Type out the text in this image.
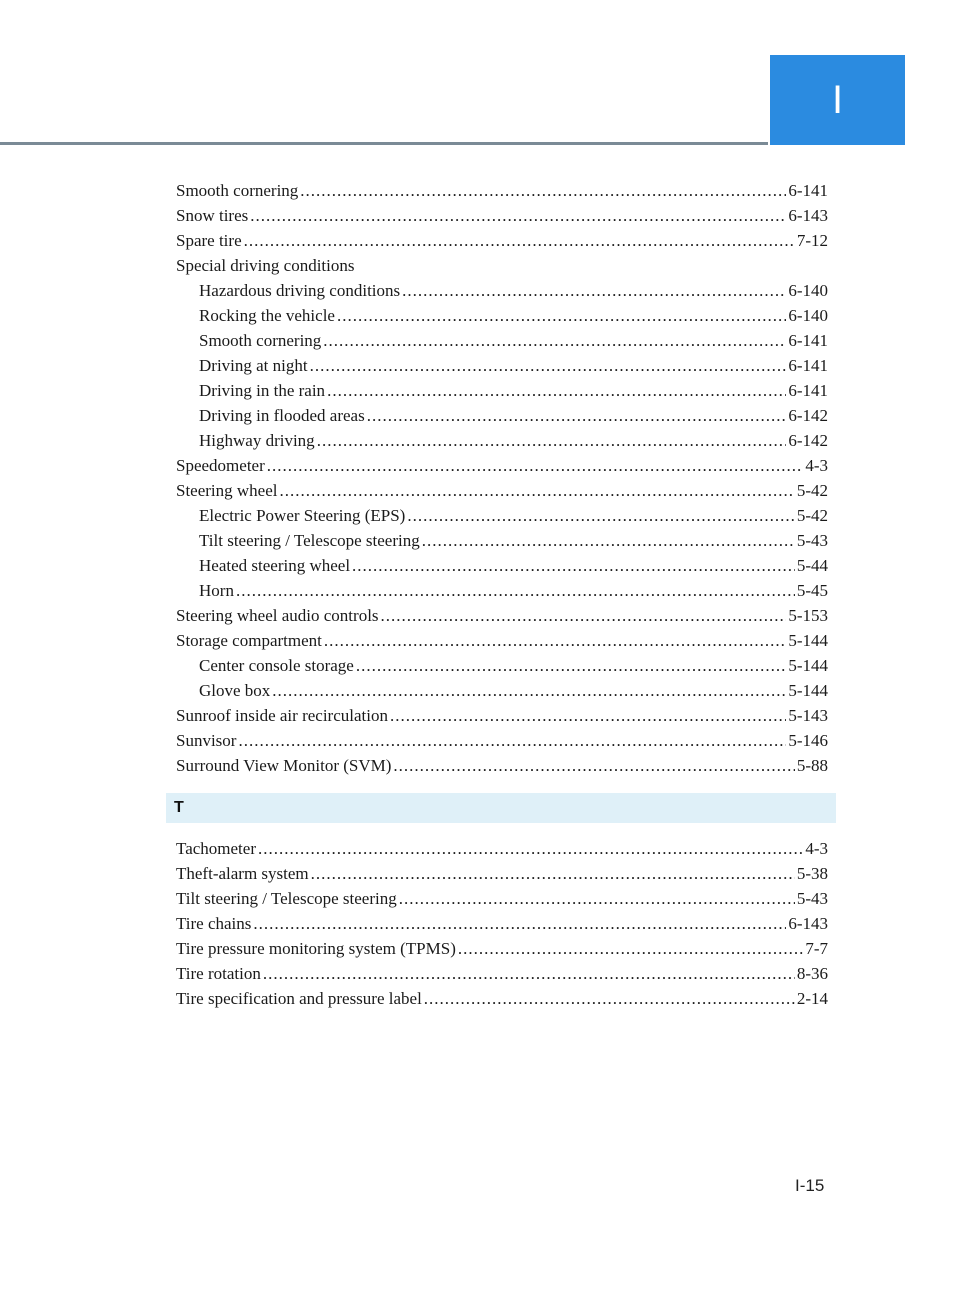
I
Smooth cornering .....	6-141
Snow tires .....	6-143
Spare tire .....	7-12
Special driving conditions
Hazardous driving conditions .....	6-140
Rocking the vehicle .....	6-140
Smooth cornering .....	6-141
Driving at night .....	6-141
Driving in the rain .....	6-141
Driving in flooded areas .....	6-142
Highway driving .....	6-142
Speedometer .....	4-3
Steering wheel .....	5-42
Electric Power Steering (EPS) .....	5-42
Tilt steering / Telescope steering .....	5-43
Heated steering wheel .....	5-44
Horn .....	5-45
Steering wheel audio controls .....	5-153
Storage compartment .....	5-144
Center console storage .....	5-144
Glove box .....	5-144
Sunroof inside air recirculation .....	5-143
Sunvisor .....	5-146
Surround View Monitor (SVM) .....	5-88
T
Tachometer .....	4-3
Theft-alarm system .....	5-38
Tilt steering / Telescope steering .....	5-43
Tire chains .....	6-143
Tire pressure monitoring system (TPMS) .....	7-7
Tire rotation .....	8-36
Tire specification and pressure label .....	2-14
I-15
